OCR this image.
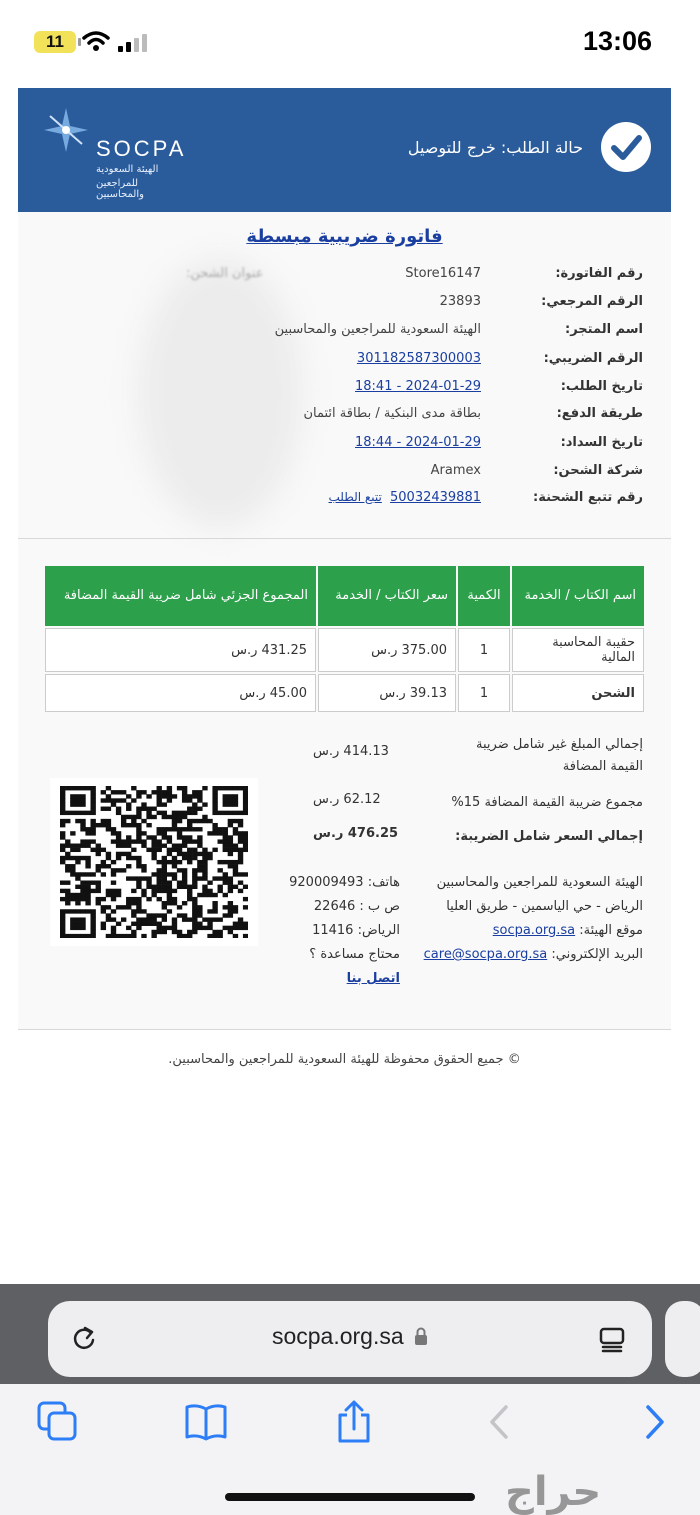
11	13:06
SOCPA
الهيئة السعودية
للمراجعين والمحاسبين
حالة الطلب: خرج للتوصيل
فاتورة ضريبية مبسطة
عنوان الشحن:	رقم الفاتورة:
Store16147
الرقم المرجعي:
23893
اسم المتجر:
الهيئة السعودية للمراجعين والمحاسبين
الرقم الضريبي:
301182587300003
تاريخ الطلب:
2024-01-29 - 18:41
طريقة الدفع:
بطاقة مدى البنكية / بطاقة ائتمان
تاريخ السداد:
2024-01-29 - 18:44
شركة الشحن:
Aramex
رقم تتبع الشحنة:
50032439881 تتبع الطلب
اسم الكتاب / الخدمة	الكمية	سعر الكتاب / الخدمة	المجموع الجزئي شامل ضريبة القيمة المضافة
حقيبة المحاسبة المالية	1	375.00 ر.س	431.25 ر.س
الشحن	1	39.13 ر.س	45.00 ر.س
إجمالي المبلغ غير شامل ضريبة القيمة المضافة
414.13 ر.س
مجموع ضريبة القيمة المضافة 15%
62.12 ر.س
إجمالي السعر شامل الضريبة:
476.25 ر.س
الهيئة السعودية للمراجعين والمحاسبين
الرياض - حي الياسمين - طريق العليا
موقع الهيئة: socpa.org.sa
البريد الإلكتروني: care@socpa.org.sa
هاتف: 920009493
ص ب : 22646
الرياض: 11416
محتاج مساعدة ؟ اتصل بنا
© جميع الحقوق محفوظة للهيئة السعودية للمراجعين والمحاسبين.
socpa.org.sa
حراج
